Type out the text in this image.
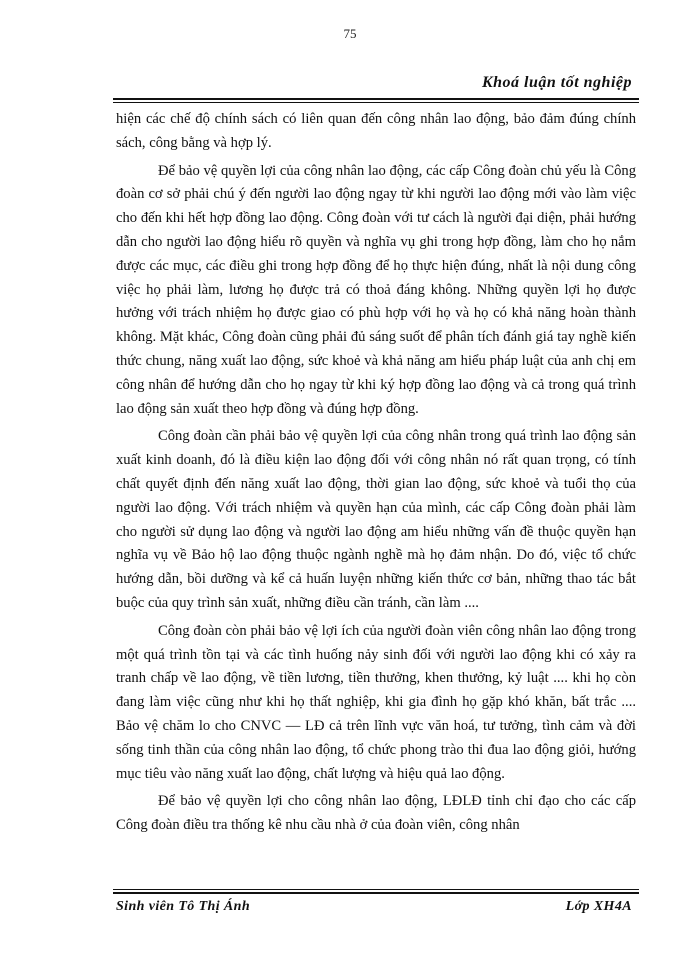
75
Khoá luận tốt nghiệp

hiện các chế độ chính sách có liên quan đến công nhân lao động, bảo đảm đúng chính sách, công bằng và hợp lý.

Để bảo vệ quyền lợi của công nhân lao động, các cấp Công đoàn chủ yếu là Công đoàn cơ sở phải chú ý đến người lao động ngay từ khi người lao động mới vào làm việc cho đến khi hết hợp đồng lao động. Công đoàn với tư cách là người đại diện, phải hướng dẫn cho người lao động hiểu rõ quyền và nghĩa vụ ghi trong hợp đồng, làm cho họ nắm được các mục, các điều ghi trong hợp đồng để họ thực hiện đúng, nhất là nội dung công việc họ phải làm, lương họ được trả có thoả đáng không. Những quyền lợi họ được hưởng với trách nhiệm họ được giao có phù hợp với họ và họ có khả năng hoàn thành không. Mặt khác, Công đoàn cũng phải đủ sáng suốt để phân tích đánh giá tay nghề kiến thức chung, năng xuất lao động, sức khoẻ và khả năng am hiểu pháp luật của anh chị em công nhân để hướng dẫn cho họ ngay từ khi ký hợp đồng lao động và cả trong quá trình lao động sản xuất theo hợp đồng và đúng hợp đồng.

Công đoàn cần phải bảo vệ quyền lợi của công nhân trong quá trình lao động sản xuất kinh doanh, đó là điều kiện lao động đối với công nhân nó rất quan trọng, có tính chất quyết định đến năng xuất lao động, thời gian lao động, sức khoẻ và tuổi thọ của người lao động. Với trách nhiệm và quyền hạn của mình, các cấp Công đoàn phải làm cho người sử dụng lao động và người lao động am hiểu những vấn đề thuộc quyền hạn nghĩa vụ về Bảo hộ lao động thuộc ngành nghề mà họ đảm nhận. Do đó, việc tổ chức hướng dẫn, bồi dưỡng và kể cả huấn luyện những kiến thức cơ bản, những thao tác bắt buộc của quy trình sản xuất, những điều cần tránh, cần làm ....

Công đoàn còn phải bảo vệ lợi ích của người đoàn viên công nhân lao động trong một quá trình tồn tại và các tình huống nảy sinh đối với người lao động khi có xảy ra tranh chấp về lao động, về tiền lương, tiền thưởng, khen thưởng, kỷ luật .... khi họ còn đang làm việc cũng như khi họ thất nghiệp, khi gia đình họ gặp khó khăn, bất trắc .... Bảo vệ chăm lo cho CNVC — LĐ cả trên lĩnh vực văn hoá, tư tưởng, tình cảm và đời sống tinh thần của công nhân lao động, tổ chức phong trào thi đua lao động giỏi, hướng mục tiêu vào năng xuất lao động, chất lượng và hiệu quả lao động.

Để bảo vệ quyền lợi cho công nhân lao động, LĐLĐ tỉnh chỉ đạo cho các cấp Công đoàn điều tra thống kê nhu cầu nhà ở của đoàn viên, công nhân

Sinh viên Tô Thị Ánh	Lớp XH4A
